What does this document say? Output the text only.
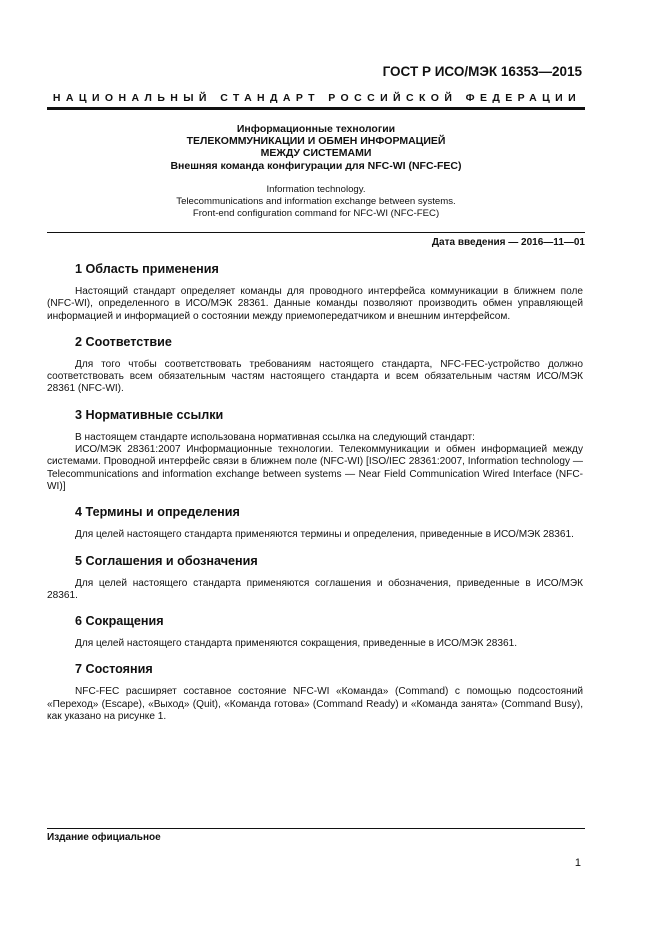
ГОСТ Р ИСО/МЭК 16353—2015
НАЦИОНАЛЬНЫЙ СТАНДАРТ РОССИЙСКОЙ ФЕДЕРАЦИИ
Информационные технологии
ТЕЛЕКОММУНИКАЦИИ И ОБМЕН ИНФОРМАЦИЕЙ
МЕЖДУ СИСТЕМАМИ
Внешняя команда конфигурации для NFC-WI (NFC-FEC)
Information technology.
Telecommunications and information exchange between systems.
Front-end configuration command for NFC-WI (NFC-FEC)
Дата введения — 2016—11—01
1 Область применения

Настоящий стандарт определяет команды для проводного интерфейса коммуникации в ближнем поле (NFC-WI), определенного в ИСО/МЭК 28361. Данные команды позволяют производить обмен управляющей информацией и информацией о состоянии между приемопередатчиком и внешним интерфейсом.

2 Соответствие

Для того чтобы соответствовать требованиям настоящего стандарта, NFC-FEC-устройство должно соответствовать всем обязательным частям настоящего стандарта и всем обязательным частям ИСО/МЭК 28361 (NFC-WI).

3 Нормативные ссылки

В настоящем стандарте использована нормативная ссылка на следующий стандарт:

ИСО/МЭК 28361:2007 Информационные технологии. Телекоммуникации и обмен информацией между системами. Проводной интерфейс связи в ближнем поле (NFC-WI) [ISO/IEC 28361:2007, Information technology — Telecommunications and information exchange between systems — Near Field Communication Wired Interface (NFC-WI)]

4 Термины и определения

Для целей настоящего стандарта применяются термины и определения, приведенные в ИСО/МЭК 28361.

5 Соглашения и обозначения

Для целей настоящего стандарта применяются соглашения и обозначения, приведенные в ИСО/МЭК 28361.

6 Сокращения

Для целей настоящего стандарта применяются сокращения, приведенные в ИСО/МЭК 28361.

7 Состояния

NFC-FEC расширяет составное состояние NFC-WI «Команда» (Command) с помощью подсостояний «Переход» (Escape), «Выход» (Quit), «Команда готова» (Command Ready) и «Команда занята» (Command Busy), как указано на рисунке 1.

Издание официальное
1
